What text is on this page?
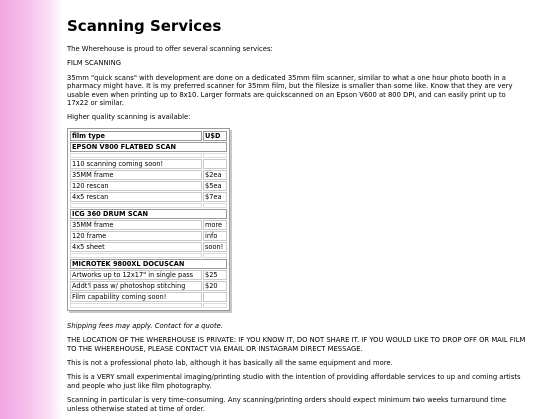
Scanning Services

The Wherehouse is proud to offer several scanning services:

FILM SCANNING

35mm "quick scans" with development are done on a dedicated 35mm film scanner, similar to what a one hour photo booth in a pharmacy might have. It is my preferred scanner for 35mm film, but the filesize is smaller than some like. Know that they are very usable even when printing up to 8x10. Larger formats are quickscanned on an Epson V600 at 800 DPI, and can easily print up to 17x22 or similar.

Higher quality scanning is available:

film type	U$D
EPSON V800 FLATBED SCAN	

110 scanning coming soon!	
35MM frame	$2ea
120 rescan	$5ea
4x5 rescan	$7ea

ICG 360 DRUM SCAN	
35MM frame	more
120 frame	info
4x5 sheet	soon!

MICROTEK 9800XL DOCUSCAN	
Artworks up to 12x17" in single pass	$25
Addt'l pass w/ photoshop stitching	$20
Film capability coming soon!	

Shipping fees may apply. Contact for a quote.

THE LOCATION OF THE WHEREHOUSE IS PRIVATE: IF YOU KNOW IT, DO NOT SHARE IT. IF YOU WOULD LIKE TO DROP OFF OR MAIL FILM TO THE WHEREHOUSE, PLEASE CONTACT VIA EMAIL OR INSTAGRAM DIRECT MESSAGE.

This is not a professional photo lab, although it has basically all the same equipment and more.

This is a VERY small experimental imaging/printing studio with the intention of providing affordable services to up and coming artists and people who just like film photography.

Scanning in particular is very time-consuming. Any scanning/printing orders should expect minimum two weeks turnaround time unless otherwise stated at time of order.
